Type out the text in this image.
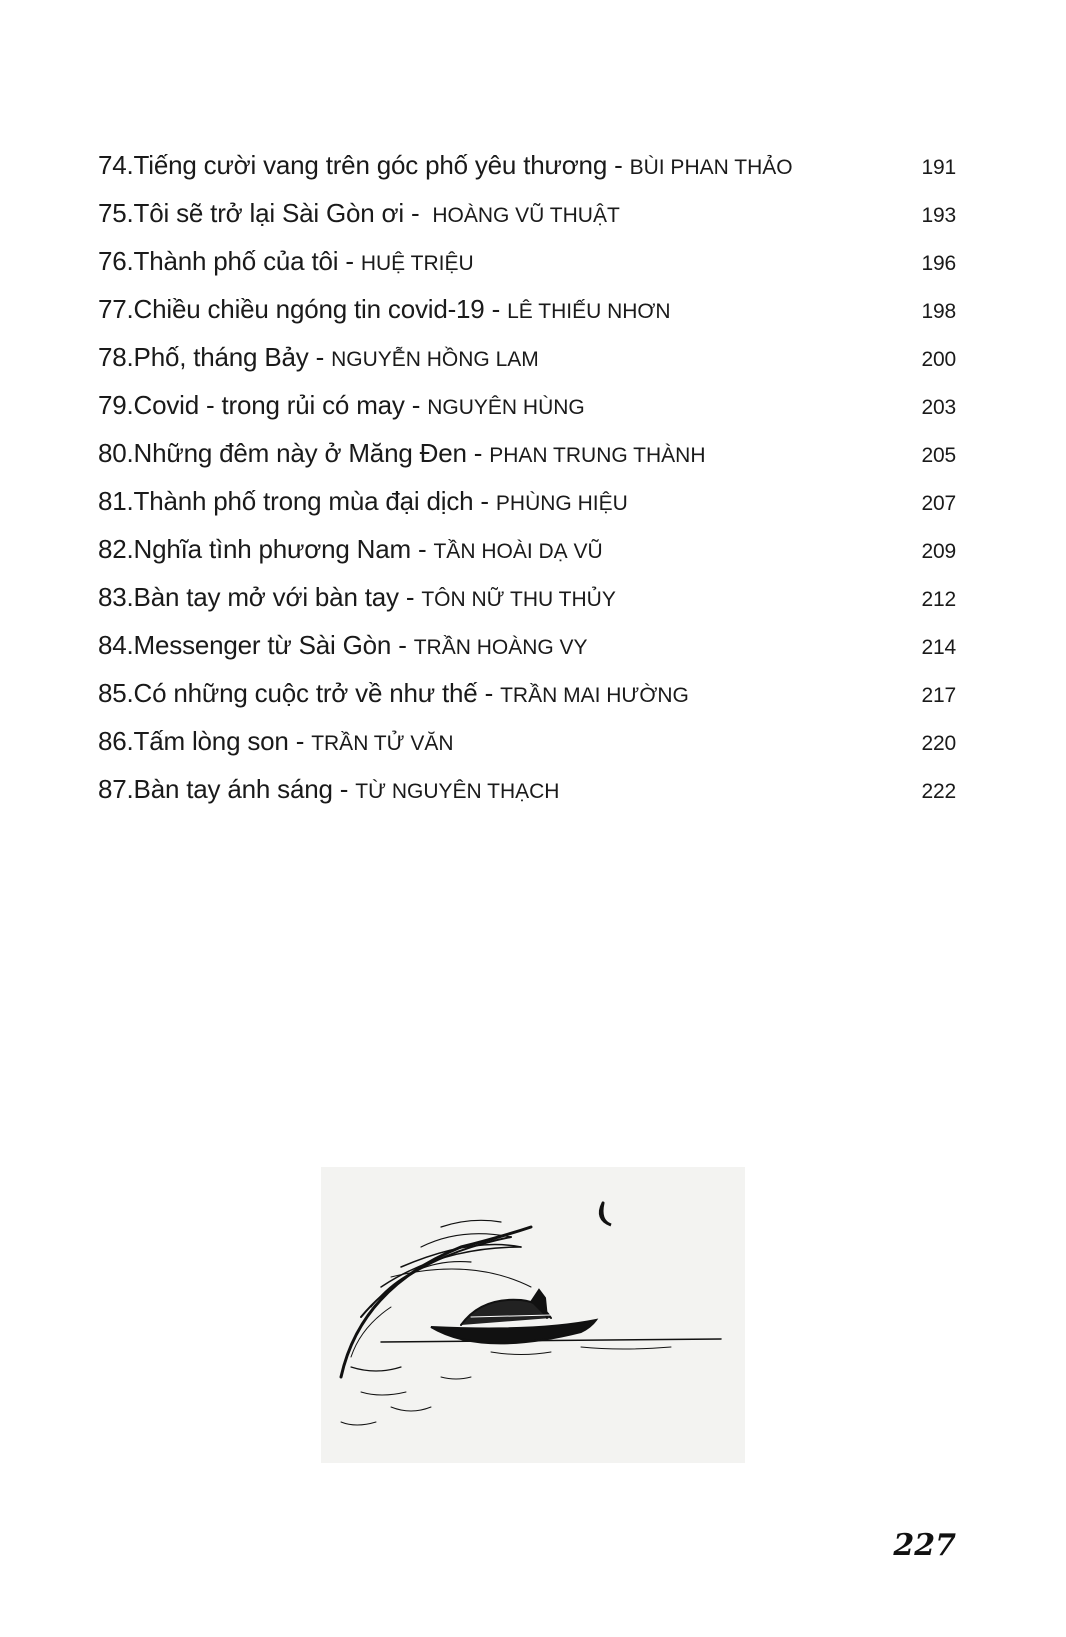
74. Tiếng cười vang trên góc phố yêu thương - BÙI PHAN THẢO	191
75. Tôi sẽ trở lại Sài Gòn ơi - HOÀNG VŨ THUẬT	193
76. Thành phố của tôi - HUỆ TRIỆU	196
77. Chiều chiều ngóng tin covid-19 - LÊ THIẾU NHƠN	198
78. Phố, tháng Bảy - NGUYỄN HỒNG LAM	200
79. Covid - trong rủi có may - NGUYÊN HÙNG	203
80. Những đêm này ở Măng Đen - PHAN TRUNG THÀNH	205
81. Thành phố trong mùa đại dịch - PHÙNG HIỆU	207
82. Nghĩa tình phương Nam - TẦN HOÀI DẠ VŨ	209
83. Bàn tay mở với bàn tay - TÔN NỮ THU THỦY	212
84. Messenger từ Sài Gòn - TRẦN HOÀNG VY	214
85. Có những cuộc trở về như thế - TRẦN MAI HƯỜNG	217
86. Tấm lòng son - TRẦN TỬ VĂN	220
87. Bàn tay ánh sáng - TỪ NGUYÊN THẠCH	222
227
